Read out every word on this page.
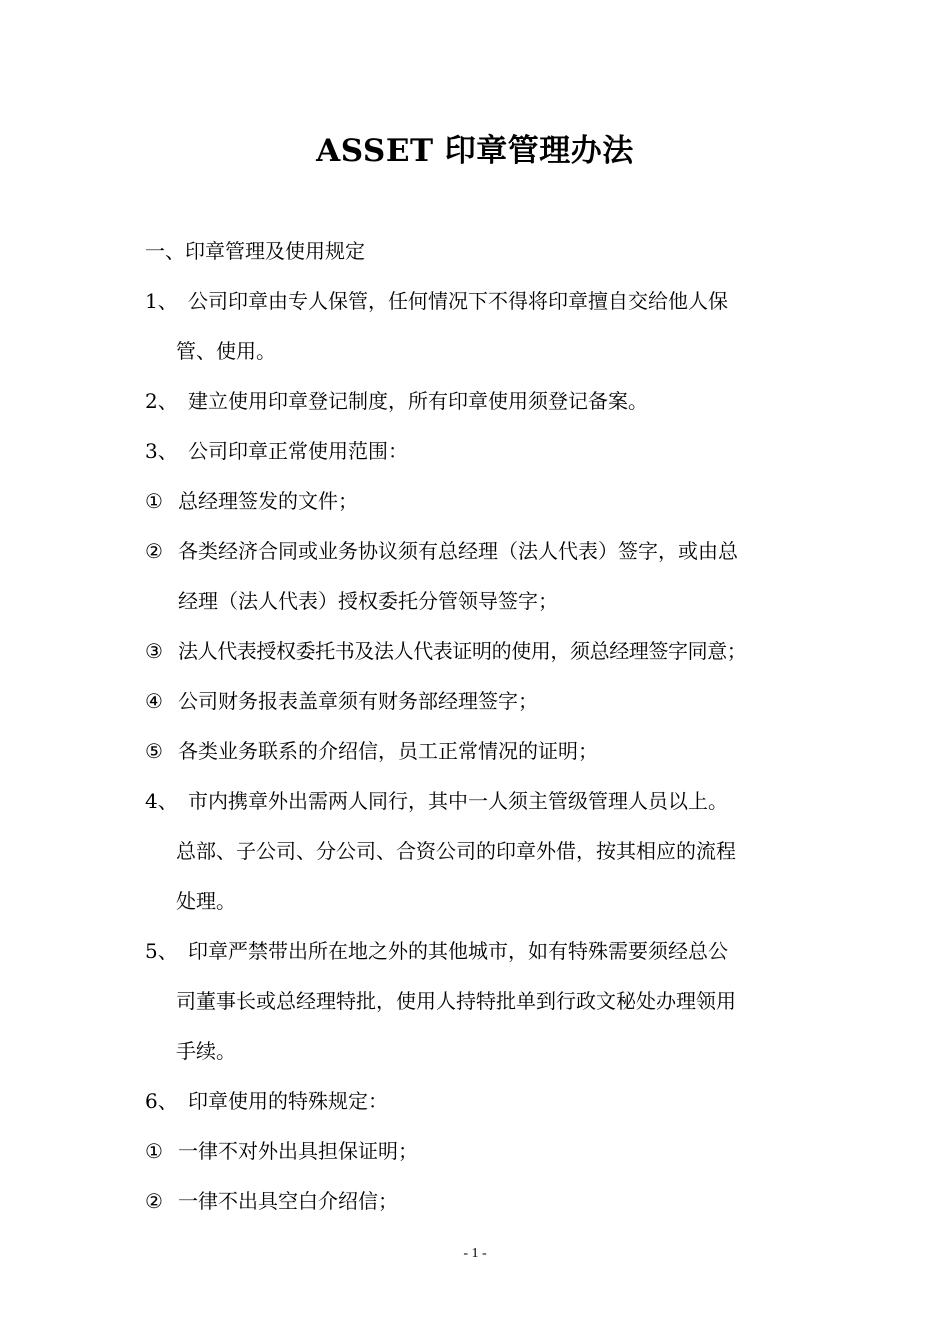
ASSET 印章管理办法
一、印章管理及使用规定
1、 公司印章由专人保管，任何情况下不得将印章擅自交给他人保
管、使用。
2、 建立使用印章登记制度，所有印章使用须登记备案。
3、 公司印章正常使用范围：
① 总经理签发的文件；
② 各类经济合同或业务协议须有总经理（法人代表）签字，或由总
经理（法人代表）授权委托分管领导签字；
③ 法人代表授权委托书及法人代表证明的使用，须总经理签字同意；
④ 公司财务报表盖章须有财务部经理签字；
⑤ 各类业务联系的介绍信，员工正常情况的证明；
4、 市内携章外出需两人同行，其中一人须主管级管理人员以上。
总部、子公司、分公司、合资公司的印章外借，按其相应的流程
处理。
5、 印章严禁带出所在地之外的其他城市，如有特殊需要须经总公
司董事长或总经理特批，使用人持特批单到行政文秘处办理领用
手续。
6、 印章使用的特殊规定：
① 一律不对外出具担保证明；
② 一律不出具空白介绍信；
- 1 -
